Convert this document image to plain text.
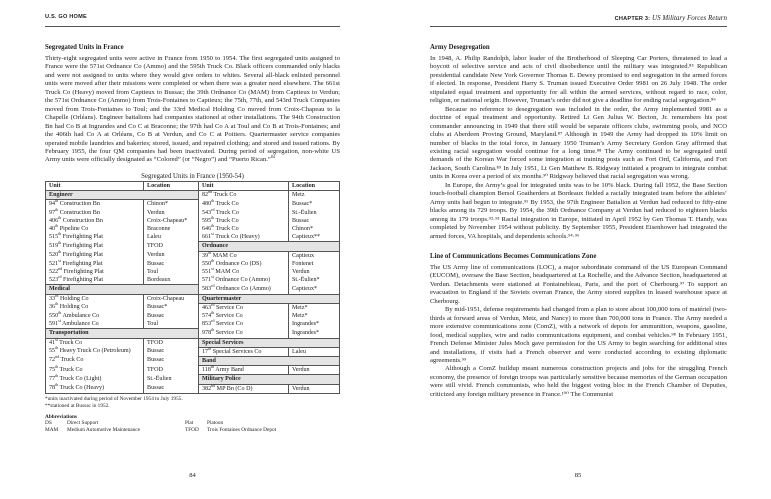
U.S. GO HOME
Segregated Units in France

Thirty-eight segregated units were active in France from 1950 to 1954. The first segregated units assigned to France were the 571st Ordnance Co (Ammo) and the 595th Truck Co. Black officers commanded only blacks and were not assigned to units where they would give orders to whites. Several all-black enlisted personnel units were moved after their missions were completed or when there was a greater need elsewhere. The 661st Truck Co (Heavy) moved from Captieux to Bussac; the 39th Ordnance Co (MAM) from Captieux to Verdun; the 571st Ordnance Co (Ammo) from Trois-Fontaines to Captieux; the 75th, 77th, and 543rd Truck Companies moved from Trois-Fontaines to Toul; and the 33rd Medical Holding Co moved from Croix-Chapeau to la Chapelle (Orléans). Engineer battalions had companies stationed at other installations. The 94th Construction Bn had Co B at Ingrandes and Co C at Braconne; the 97th had Co A at Toul and Co B at Trois-Fontaines; and the 406th had Co A at Orléans, Co B at Verdun, and Co C at Poitiers. Quartermaster service companies operated mobile laundries and bakeries; stored, issued, and repaired clothing; and stored and issued rations. By February 1955, the four QM companies had been inactivated. During period of segregation, non-white US Army units were officially designated as “Colored” (or “Negro”) and “Puerto Rican.”$^{84}$

Segregated Units in France (1950-54)
Unit	Location	Unit	Location
Engineer		82nd Truck Co	Metz
94th Construction Bn	Chinon*	480th Truck Co	Bussac*
97th Construction Bn	Verdun	543rd Truck Co	St.-Ëulien
406th Construction Bn	Croix-Chapeau*	595th Truck Co	Bussac
40th Pipeline Co	Braconne	646th Truck Co	Chinon*
515th Firefighting Plat	Laleu	661st Truck Co (Heavy)	Captieux**
519th Firefighting Plat	TFOD	Ordnance	
520th Firefighting Plat	Verdun	39th MAM Co	Captieux
521st Firefighting Plat	Bussac	550th Ordnance Co (DS)	Fontenet
522nd Firefighting Plat	Toul	551st MAM Co	Verdun
523rd Firefighting Plat	Bordeaux	571st Ordnance Co (Ammo)	St.-Ëulien*
Medical		583rd Ordnance Co (Ammo)	Captieux*
33rd Holding Co	Croix-Chapeau	Quartermaster	
36th Holding Co	Bussac*	463rd Service Co	Metz*
550th Ambulance Co	Bussac	574th Service Co	Metz*
591st Ambulance Co	Toul	853rd Service Co	Ingrandes*
Transportation		978th Service Co	Ingrandes*
41st Truck Co	TFOD	Special Services	
55th Heavy Truck Co (Petroleum)	Bussac	17th Special Services Co	Laleu
72nd Truck Co	Bussac	Band	
75th Truck Co	TFOD	118th Army Band	Verdun
77th Truck Co (Light)	St.-Ëulien	Military Police	
78th Truck Co (Heavy)	Bussac	382nd MP Bn (Co D)	Verdun
*units inactivated during period of November 1954 to July 1955.
**stationed at Bussac in 1952.
Abbreviations
DS	Direct Support	Plat	Platoon
MAM	Medium Automotive Maintenance	TFOD	Trois Fontaines Ordnance Depot
84
CHAPTER 3: US Military Forces Return
Army Desegregation

In 1948, A. Philip Randolph, labor leader of the Brotherhood of Sleeping Car Porters, threatened to lead a boycott of selective service and acts of civil disobedience until the military was integrated.⁸⁵ Republican presidential candidate New York Governor Thomas E. Dewey promised to end segregation in the armed forces if elected. In response, President Harry S. Truman issued Executive Order 9981 on 26 July 1948. The order stipulated equal treatment and opportunity for all within the armed services, without regard to race, color, religion, or national origin. However, Truman’s order did not give a deadline for ending racial segregation.⁸⁶

Because no reference to desegregation was included in the order, the Army implemented 9981 as a doctrine of equal treatment and opportunity. Retired Lt Gen Julius W. Becton, Jr. remembers his post commander announcing in 1949 that there still would be separate officers clubs, swimming pools, and NCO clubs at Aberdeen Proving Ground, Maryland.⁸⁷ Although in 1949 the Army had dropped its 10% limit on number of blacks in the total force, in January 1950 Truman’s Army Secretary Gordon Gray affirmed that existing racial segregation would continue for a long time.⁸⁸ The Army continued to be segregated until demands of the Korean War forced some integration at training posts such as Fort Ord, California, and Fort Jackson, South Carolina.⁸⁹ In July 1951, Lt Gen Matthew B. Ridgway initiated a program to integrate combat units in Korea over a period of six months.⁹⁰ Ridgway believed that racial segregation was wrong.

In Europe, the Army’s goal for integrated units was to be 10% black. During fall 1952, the Base Section touch-football champion Bersol Goatherders at Bordeaux fielded a racially integrated team before the athletes’ Army units had begun to integrate.⁹¹ By 1953, the 97th Engineer Battalion at Verdun had reduced to fifty-nine blacks among its 729 troops. By 1954, the 39th Ordnance Company at Verdun had reduced to eighteen blacks among its 179 troops.⁹²·⁹³ Racial integration in Europe, initiated in April 1952 by Gen Thomas T. Handy, was completed by November 1954 without publicity. By September 1955, President Eisenhower had integrated the armed forces, VA hospitals, and dependents schools.⁹⁴·⁹⁶

Line of Communications Becomes Communications Zone

The US Army line of communications (LOC), a major subordinate command of the US European Command (EUCOM), oversaw the Base Section, headquartered at La Rochelle, and the Advance Section, headquartered at Verdun. Detachments were stationed at Fontainebleau, Paris, and the port of Cherbourg.⁹⁷ To support an evacuation to England if the Soviets overran France, the Army stored supplies in leased warehouse space at Cherbourg.

By mid-1951, defense requirements had changed from a plan to store about 100,000 tons of matériel (two-thirds at forward areas of Verdun, Metz, and Nancy) to more than 700,000 tons in France. The Army needed a more extensive communications zone (ComZ), with a network of depots for ammunition, weapons, gasoline, food, medical supplies, wire and radio communications equipment, and combat vehicles.⁹⁸ In February 1951, French Defense Minister Jules Moch gave permission for the US Army to begin searching for additional sites and installations, if visits had a French observer and were conducted according to existing diplomatic agreements.⁹⁹

Although a ComZ buildup meant numerous construction projects and jobs for the struggling French economy, the presence of foreign troops was particularly sensitive because memories of the German occupation were still vivid. French communists, who held the biggest voting bloc in the French Chamber of Deputies, criticized any foreign military presence in France.¹⁰⁰ The Communist

85
